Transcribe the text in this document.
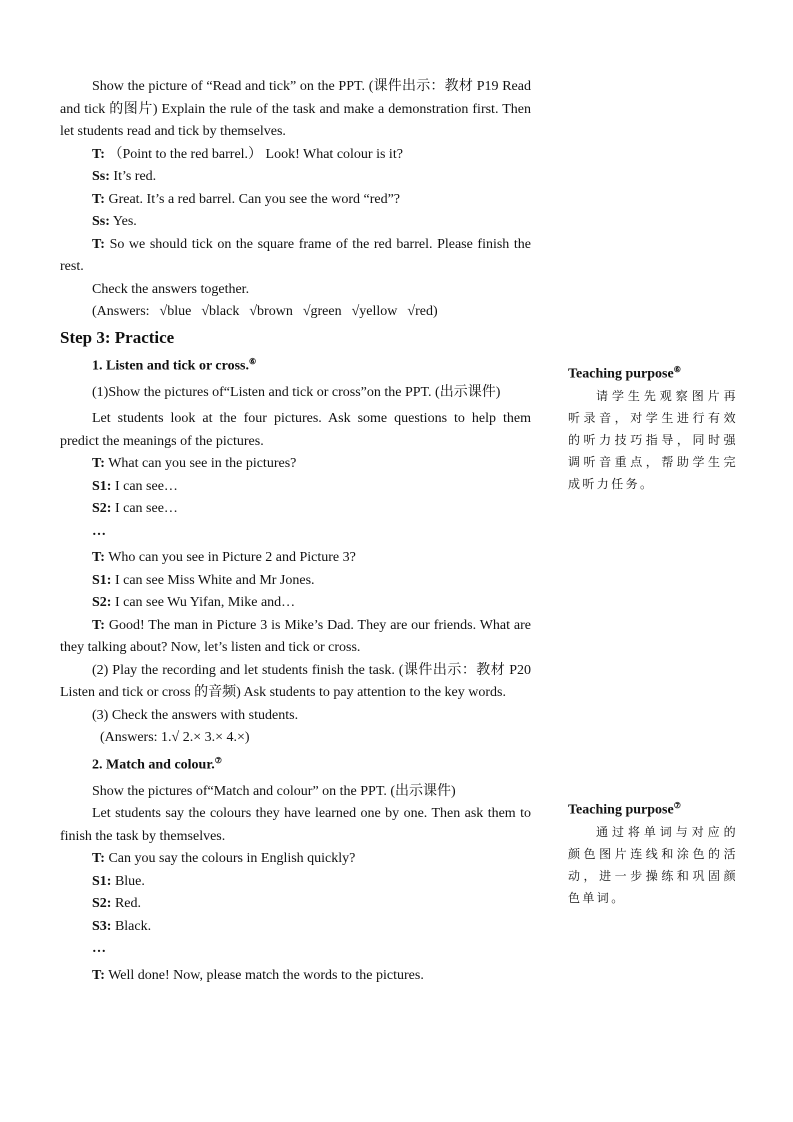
Show the picture of “Read and tick” on the PPT. (课件出示：教材 P19 Read and tick 的图片) Explain the rule of the task and make a demonstration first. Then let students read and tick by themselves.

T: （Point to the red barrel.） Look! What colour is it?

Ss: It’s red.

T: Great. It’s a red barrel. Can you see the word “red”?

Ss: Yes.

T: So we should tick on the square frame of the red barrel. Please finish the rest.

Check the answers together.

(Answers: √blue √black √brown √green √yellow √red)

Step 3: Practice

1. Listen and tick or cross.⑥

(1)Show the pictures of“Listen and tick or cross”on the PPT. (出示课件)

Let students look at the four pictures. Ask some questions to help them predict the meanings of the pictures.

T: What can you see in the pictures?

S1: I can see…

S2: I can see…

…

T: Who can you see in Picture 2 and Picture 3?

S1: I can see Miss White and Mr Jones.

S2: I can see Wu Yifan, Mike and…

T: Good! The man in Picture 3 is Mike’s Dad. They are our friends. What are they talking about? Now, let’s listen and tick or cross.

(2) Play the recording and let students finish the task. (课件出示：教材 P20 Listen and tick or cross 的音频) Ask students to pay attention to the key words.

(3) Check the answers with students.

(Answers: 1.√ 2.× 3.× 4.×)

2. Match and colour.⑦

Show the pictures of“Match and colour” on the PPT. (出示课件)

Let students say the colours they have learned one by one. Then ask them to finish the task by themselves.

T: Can you say the colours in English quickly?

S1: Blue.

S2: Red.

S3: Black.

…

T: Well done! Now, please match the words to the pictures.

Teaching purpose⑥

请学生先观察图片再听录音，对学生进行有效的听力技巧指导，同时强调听音重点，帮助学生完成听力任务。

Teaching purpose⑦

通过将单词与对应的颜色图片连线和涂色的活动，进一步操练和巩固颜色单词。
